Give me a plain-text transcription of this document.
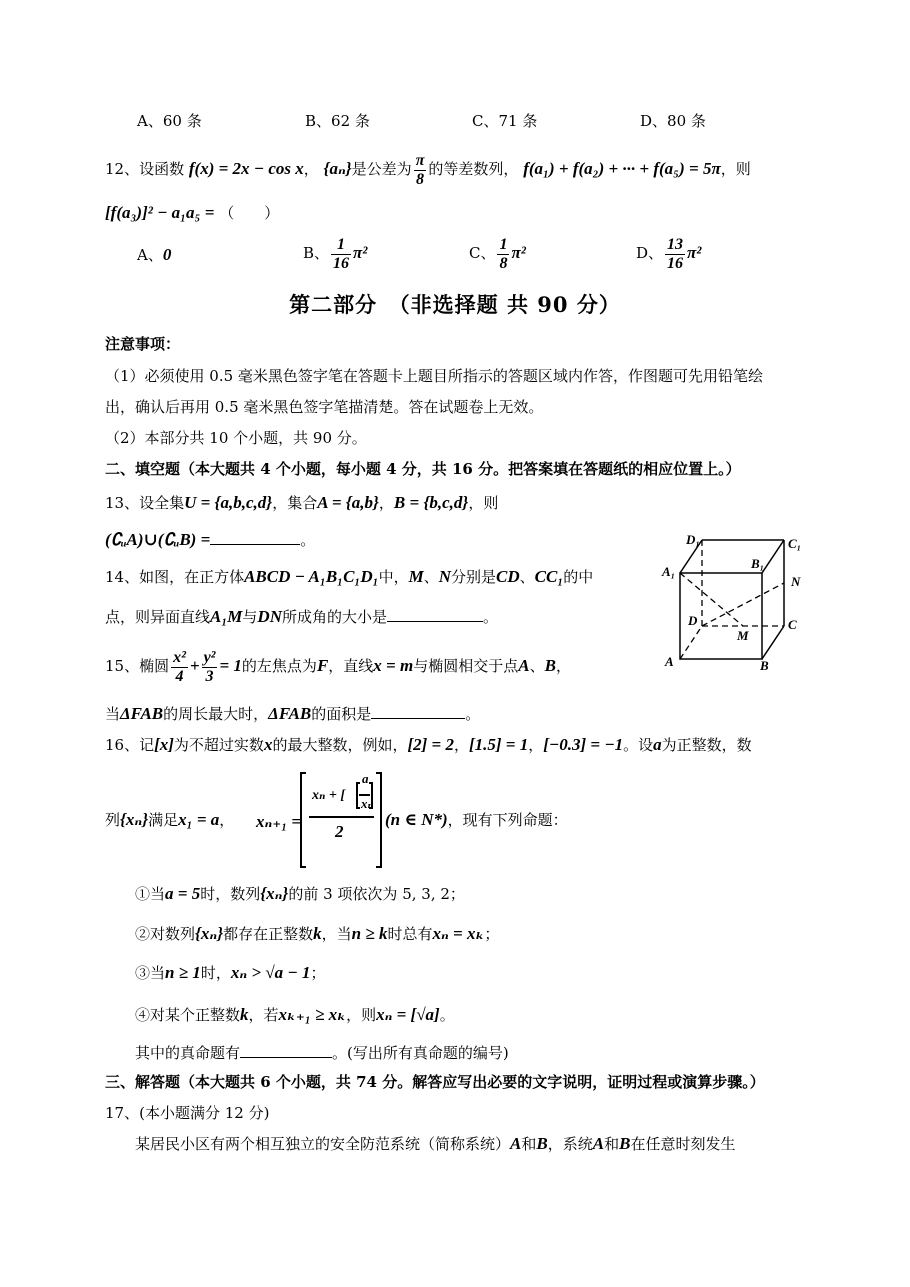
A、60 条	B、62 条	C、71 条	D、80 条
12、设函数 f(x) = 2x − cos x， {aₙ}是公差为 $\frac{\pi}{8}$ 的等差数列， f(a₁) + f(a₂) + ··· + f(a₅) = 5π，则
[f(a₃)]² − a₁a₅ = （　　）
A、0	B、 $\frac{1}{16} \pi^2$	C、 $\frac{1}{8} \pi^2$	D、 $\frac{13}{16} \pi^2$
第二部分　（非选择题 共 90 分）
注意事项：
（1）必须使用 0.5 毫米黑色签字笔在答题卡上题目所指示的答题区域内作答，作图题可先用铅笔绘
出，确认后再用 0.5 毫米黑色签字笔描清楚。答在试题卷上无效。
（2）本部分共 10 个小题，共 90 分。
二、填空题（本大题共 4 个小题，每小题 4 分，共 16 分。把答案填在答题纸的相应位置上。）
13、设全集U = {a,b,c,d}，集合A = {a,b}，B = {b,c,d}，则
(∁ᵤA)∪(∁ᵤB) =	。
14、如图，在正方体ABCD − A₁B₁C₁D₁中，M、N分别是CD、CC₁的中
点，则异面直线A₁M与DN所成角的大小是	。
D₁	C₁
A₁
B₁
N
D
M
C
A	B
15、椭圆 $\frac{\text{x²}}{4} + \frac{\text{y²}}{3} = 1$的左焦点为F，直线x = m与椭圆相交于点A、B，
当ΔFAB的周长最大时，ΔFAB的面积是	。
16、记[x]为不超过实数x的最大整数，例如，[2] = 2，[1.5] = 1，[−0.3] = −1。设a为正整数，数
列{xₙ}满足x₁ = a， xₙ₊₁ =
xₙ + [
a
xₙ
2
(n ∈ N*)，现有下列命题：
①当a = 5时，数列{xₙ}的前 3 项依次为 5, 3, 2；
②对数列{xₙ}都存在正整数k，当n ≥ k时总有xₙ = xₖ；
③当n ≥ 1时，xₙ > √a − 1；
④对某个正整数k，若xₖ₊₁ ≥ xₖ，则xₙ = [√a]。
其中的真命题有	。(写出所有真命题的编号)
三、解答题（本大题共 6 个小题，共 74 分。解答应写出必要的文字说明，证明过程或演算步骤。）
17、(本小题满分 12 分)
某居民小区有两个相互独立的安全防范系统（简称系统）A和B，系统A和B在任意时刻发生
